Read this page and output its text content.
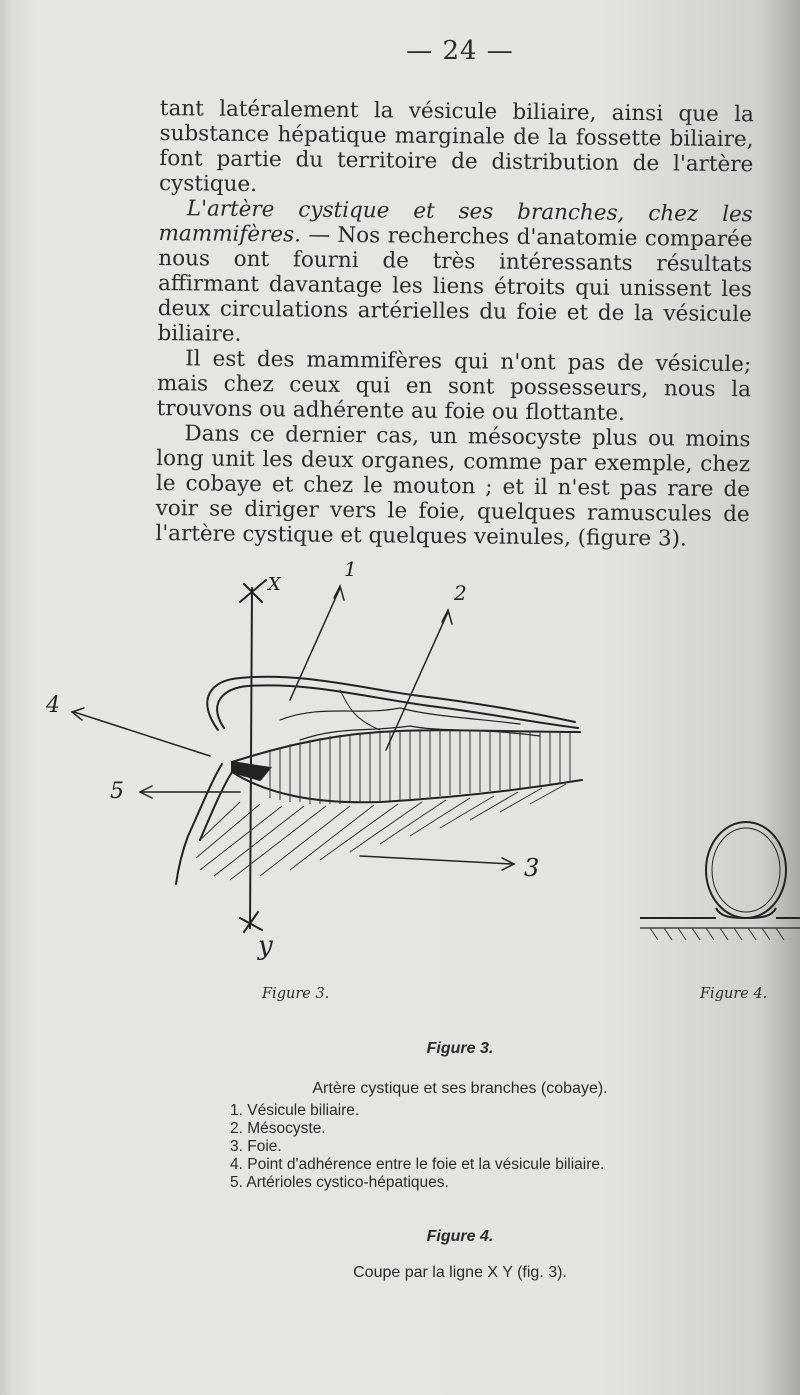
— 24 —

tant latéralement la vésicule biliaire, ainsi que la substance hépatique marginale de la fossette biliaire, font partie du territoire de distribution de l'artère cystique.

L'artère cystique et ses branches, chez les mammifères. — Nos recherches d'anatomie comparée nous ont fourni de très intéressants résultats affirmant davantage les liens étroits qui unissent les deux circulations artérielles du foie et de la vésicule biliaire.

Il est des mammifères qui n'ont pas de vésicule; mais chez ceux qui en sont possesseurs, nous la trouvons ou adhérente au foie ou flottante.

Dans ce dernier cas, un mésocyste plus ou moins long unit les deux organes, comme par exemple, chez le cobaye et chez le mouton ; et il n'est pas rare de voir se diriger vers le foie, quelques ramuscules de l'artère cystique et quelques veinules, (figure 3).

1
2
4
5
3
X
y
Figure 3.	Figure 4.
Figure 3.
Artère cystique et ses branches (cobaye).
1. Vésicule biliaire.
2. Mésocyste.
3. Foie.
4. Point d'adhérence entre le foie et la vésicule biliaire.
5. Artérioles cystico-hépatiques.
Figure 4.
Coupe par la ligne X Y (fig. 3).
